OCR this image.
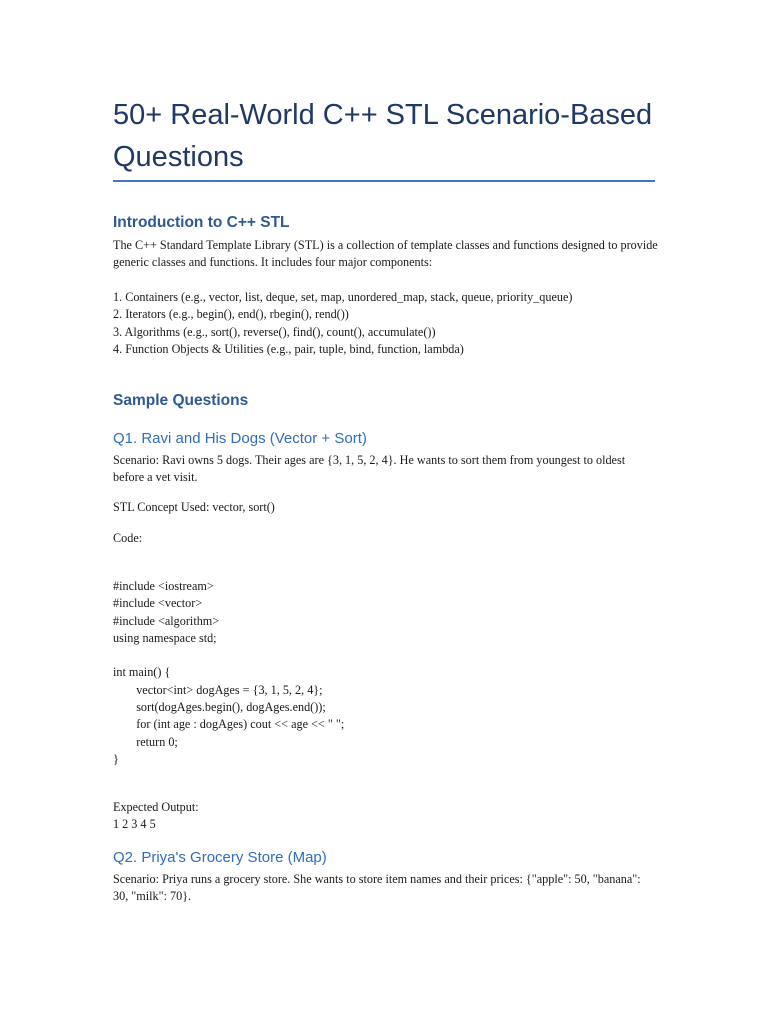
50+ Real-World C++ STL Scenario-Based Questions
Introduction to C++ STL

The C++ Standard Template Library (STL) is a collection of template classes and functions designed to provide generic classes and functions. It includes four major components:

1. Containers (e.g., vector, list, deque, set, map, unordered_map, stack, queue, priority_queue)
2. Iterators (e.g., begin(), end(), rbegin(), rend())
3. Algorithms (e.g., sort(), reverse(), find(), count(), accumulate())
4. Function Objects & Utilities (e.g., pair, tuple, bind, function, lambda)
Sample Questions
Q1. Ravi and His Dogs (Vector + Sort)

Scenario: Ravi owns 5 dogs. Their ages are {3, 1, 5, 2, 4}. He wants to sort them from youngest to oldest before a vet visit.

STL Concept Used: vector, sort()

Code:

#include <iostream>
#include <vector>
#include <algorithm>
using namespace std;
int main() {
vector<int> dogAges = {3, 1, 5, 2, 4};
sort(dogAges.begin(), dogAges.end());
for (int age : dogAges) cout << age << " ";
return 0;
}
Expected Output:
1 2 3 4 5
Q2. Priya's Grocery Store (Map)

Scenario: Priya runs a grocery store. She wants to store item names and their prices: {"apple": 50, "banana": 30, "milk": 70}.
